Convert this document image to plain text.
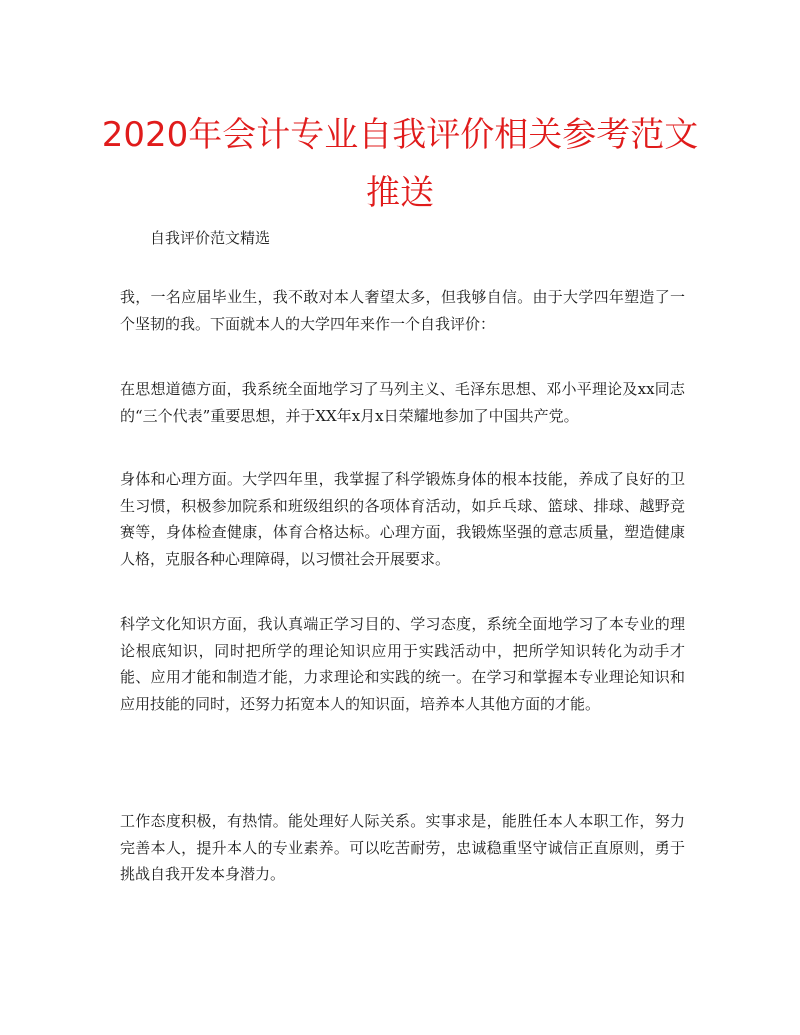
2020年会计专业自我评价相关参考范文推送

自我评价范文精选

我，一名应届毕业生，我不敢对本人奢望太多，但我够自信。由于大学四年塑造了一个坚韧的我。下面就本人的大学四年来作一个自我评价：

在思想道德方面，我系统全面地学习了马列主义、毛泽东思想、邓小平理论及xx同志的“三个代表”重要思想，并于XX年x月x日荣耀地参加了中国共产党。

身体和心理方面。大学四年里，我掌握了科学锻炼身体的根本技能，养成了良好的卫生习惯，积极参加院系和班级组织的各项体育活动，如乒乓球、篮球、排球、越野竞赛等，身体检查健康，体育合格达标。心理方面，我锻炼坚强的意志质量，塑造健康人格，克服各种心理障碍，以习惯社会开展要求。

科学文化知识方面，我认真端正学习目的、学习态度，系统全面地学习了本专业的理论根底知识，同时把所学的理论知识应用于实践活动中，把所学知识转化为动手才能、应用才能和制造才能，力求理论和实践的统一。在学习和掌握本专业理论知识和应用技能的同时，还努力拓宽本人的知识面，培养本人其他方面的才能。

工作态度积极，有热情。能处理好人际关系。实事求是，能胜任本人本职工作，努力完善本人，提升本人的专业素养。可以吃苦耐劳，忠诚稳重坚守诚信正直原则，勇于挑战自我开发本身潜力。
